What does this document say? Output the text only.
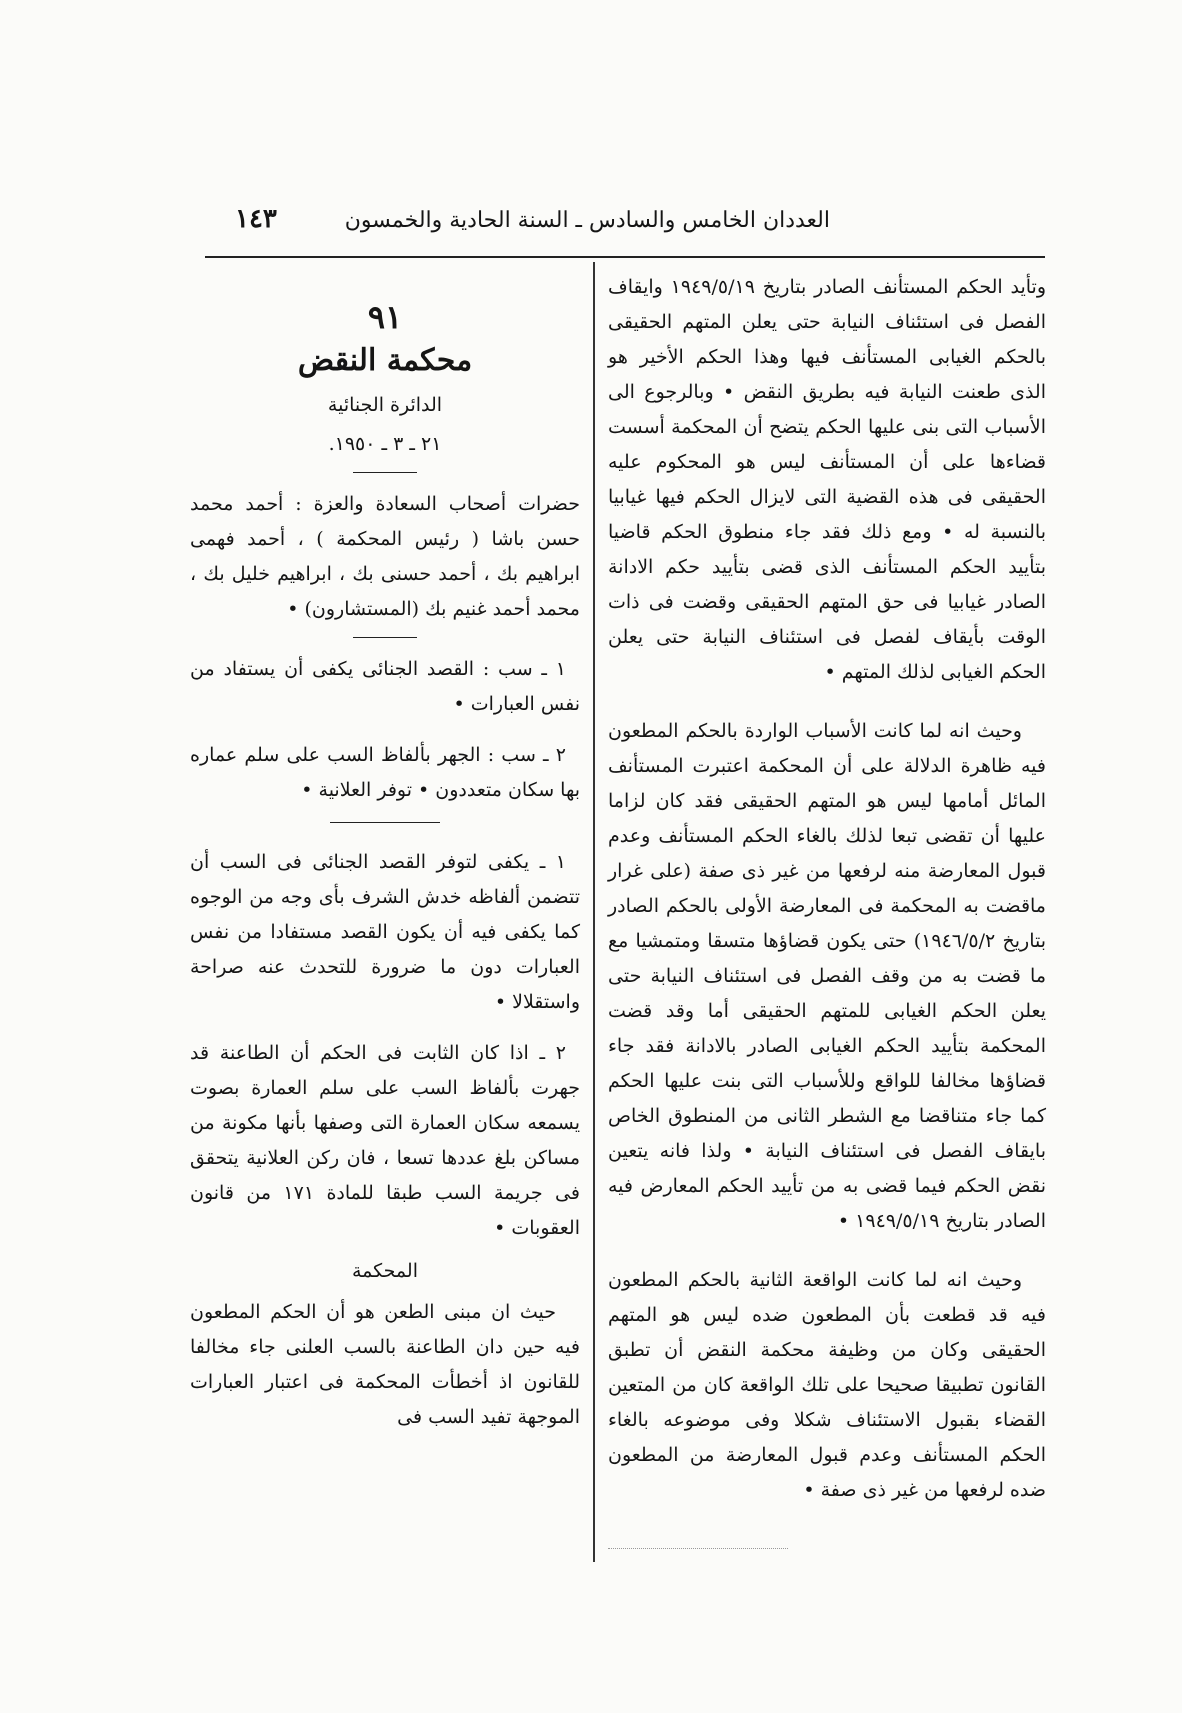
العددان الخامس والسادس ـ السنة الحادية والخمسون
١٤٣

وتأيد الحكم المستأنف الصادر بتاريخ ١٩٤٩/٥/١٩ وايقاف الفصل فى استئناف النيابة حتى يعلن المتهم الحقيقى بالحكم الغيابى المستأنف فيها وهذا الحكم الأخير هو الذى طعنت النيابة فيه بطريق النقض • وبالرجوع الى الأسباب التى بنى عليها الحكم يتضح أن المحكمة أسست قضاءها على أن المستأنف ليس هو المحكوم عليه الحقيقى فى هذه القضية التى لايزال الحكم فيها غيابيا بالنسبة له • ومع ذلك فقد جاء منطوق الحكم قاضيا بتأييد الحكم المستأنف الذى قضى بتأييد حكم الادانة الصادر غيابيا فى حق المتهم الحقيقى وقضت فى ذات الوقت بأيقاف لفصل فى استئناف النيابة حتى يعلن الحكم الغيابى لذلك المتهم •

وحيث انه لما كانت الأسباب الواردة بالحكم المطعون فيه ظاهرة الدلالة على أن المحكمة اعتبرت المستأنف المائل أمامها ليس هو المتهم الحقيقى فقد كان لزاما عليها أن تقضى تبعا لذلك بالغاء الحكم المستأنف وعدم قبول المعارضة منه لرفعها من غير ذى صفة (على غرار ماقضت به المحكمة فى المعارضة الأولى بالحكم الصادر بتاريخ ١٩٤٦/٥/٢) حتى يكون قضاؤها متسقا ومتمشيا مع ما قضت به من وقف الفصل فى استئناف النيابة حتى يعلن الحكم الغيابى للمتهم الحقيقى أما وقد قضت المحكمة بتأييد الحكم الغيابى الصادر بالادانة فقد جاء قضاؤها مخالفا للواقع وللأسباب التى بنت عليها الحكم كما جاء متناقضا مع الشطر الثانى من المنطوق الخاص بايقاف الفصل فى استئناف النيابة • ولذا فانه يتعين نقض الحكم فيما قضى به من تأييد الحكم المعارض فيه الصادر بتاريخ ١٩٤٩/٥/١٩ •

وحيث انه لما كانت الواقعة الثانية بالحكم المطعون فيه قد قطعت بأن المطعون ضده ليس هو المتهم الحقيقى وكان من وظيفة محكمة النقض أن تطبق القانون تطبيقا صحيحا على تلك الواقعة كان من المتعين القضاء بقبول الاستئناف شكلا وفى موضوعه بالغاء الحكم المستأنف وعدم قبول المعارضة من المطعون ضده لرفعها من غير ذى صفة •

٩١
محكمة النقض
الدائرة الجنائية
٢١ ـ ٣ ـ ١٩٥٠.

حضرات أصحاب السعادة والعزة : أحمد محمد حسن باشا ( رئيس المحكمة ) ، أحمد فهمى ابراهيم بك ، أحمد حسنى بك ، ابراهيم خليل بك ، محمد أحمد غنيم بك (المستشارون) •

١ ـ سب : القصد الجنائى يكفى أن يستفاد من نفس العبارات •

٢ ـ سب : الجهر بألفاظ السب على سلم عماره بها سكان متعددون • توفر العلانية •

١ ـ يكفى لتوفر القصد الجنائى فى السب أن تتضمن ألفاظه خدش الشرف بأى وجه من الوجوه كما يكفى فيه أن يكون القصد مستفادا من نفس العبارات دون ما ضرورة للتحدث عنه صراحة واستقلالا •

٢ ـ اذا كان الثابت فى الحكم أن الطاعنة قد جهرت بألفاظ السب على سلم العمارة بصوت يسمعه سكان العمارة التى وصفها بأنها مكونة من مساكن بلغ عددها تسعا ، فان ركن العلانية يتحقق فى جريمة السب طبقا للمادة ١٧١ من قانون العقوبات •

المحكمة

حيث ان مبنى الطعن هو أن الحكم المطعون فيه حين دان الطاعنة بالسب العلنى جاء مخالفا للقانون اذ أخطأت المحكمة فى اعتبار العبارات الموجهة تفيد السب فى
